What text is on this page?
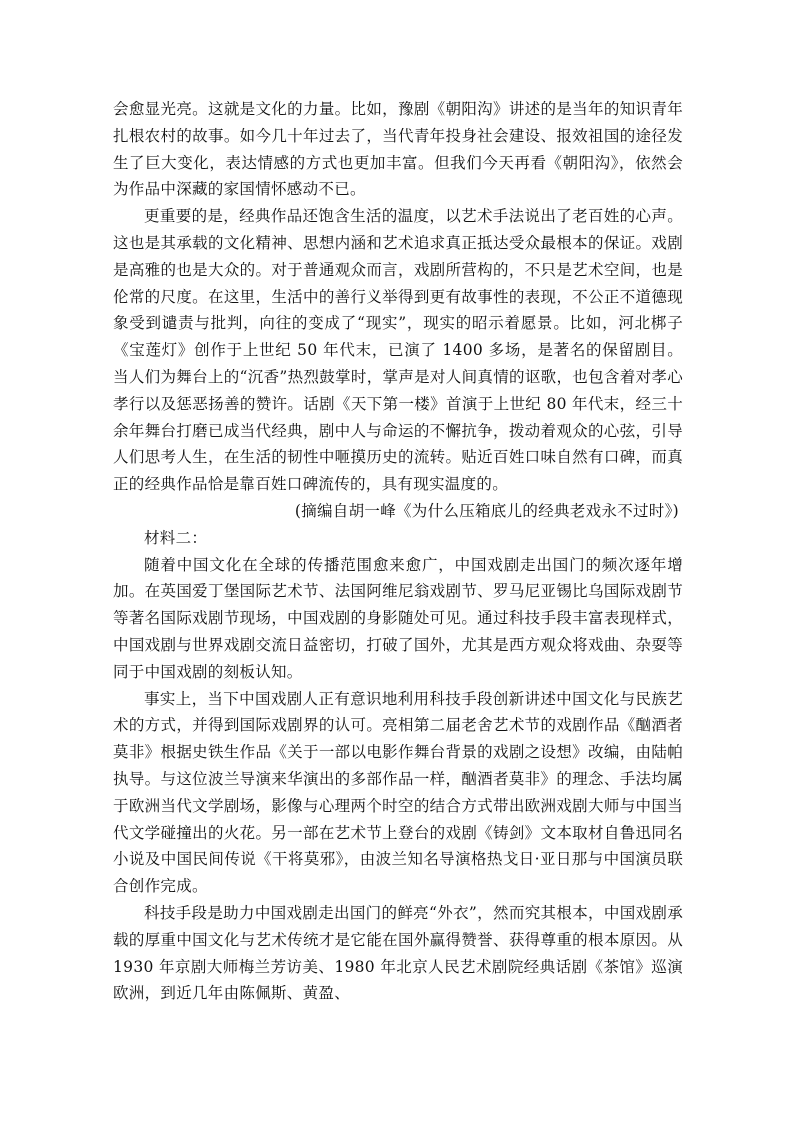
会愈显光亮。这就是文化的力量。比如，豫剧《朝阳沟》讲述的是当年的知识青年扎根农村的故事。如今几十年过去了，当代青年投身社会建设、报效祖国的途径发生了巨大变化，表达情感的方式也更加丰富。但我们今天再看《朝阳沟》，依然会为作品中深藏的家国情怀感动不已。

更重要的是，经典作品还饱含生活的温度，以艺术手法说出了老百姓的心声。这也是其承载的文化精神、思想内涵和艺术追求真正抵达受众最根本的保证。戏剧是高雅的也是大众的。对于普通观众而言，戏剧所营构的，不只是艺术空间，也是伦常的尺度。在这里，生活中的善行义举得到更有故事性的表现，不公正不道德现象受到谴责与批判，向往的变成了“现实”，现实的昭示着愿景。比如，河北梆子《宝莲灯》创作于上世纪 50 年代末，已演了 1400 多场，是著名的保留剧目。当人们为舞台上的“沉香”热烈鼓掌时，掌声是对人间真情的讴歌，也包含着对孝心孝行以及惩恶扬善的赞许。话剧《天下第一楼》首演于上世纪 80 年代末，经三十余年舞台打磨已成当代经典，剧中人与命运的不懈抗争，拨动着观众的心弦，引导人们思考人生，在生活的韧性中咂摸历史的流转。贴近百姓口味自然有口碑，而真正的经典作品恰是靠百姓口碑流传的，具有现实温度的。

(摘编自胡一峰《为什么压箱底儿的经典老戏永不过时》)

材料二：

随着中国文化在全球的传播范围愈来愈广，中国戏剧走出国门的频次逐年增加。在英国爱丁堡国际艺术节、法国阿维尼翁戏剧节、罗马尼亚锡比乌国际戏剧节等著名国际戏剧节现场，中国戏剧的身影随处可见。通过科技手段丰富表现样式，中国戏剧与世界戏剧交流日益密切，打破了国外，尤其是西方观众将戏曲、杂耍等同于中国戏剧的刻板认知。

事实上，当下中国戏剧人正有意识地利用科技手段创新讲述中国文化与民族艺术的方式，并得到国际戏剧界的认可。亮相第二届老舍艺术节的戏剧作品《酗酒者莫非》根据史铁生作品《关于一部以电影作舞台背景的戏剧之设想》改编，由陆帕执导。与这位波兰导演来华演出的多部作品一样，酗酒者莫非》的理念、手法均属于欧洲当代文学剧场，影像与心理两个时空的结合方式带出欧洲戏剧大师与中国当代文学碰撞出的火花。另一部在艺术节上登台的戏剧《铸剑》文本取材自鲁迅同名小说及中国民间传说《干将莫邪》，由波兰知名导演格热戈日·亚日那与中国演员联合创作完成。

科技手段是助力中国戏剧走出国门的鲜亮“外衣”，然而究其根本，中国戏剧承载的厚重中国文化与艺术传统才是它能在国外赢得赞誉、获得尊重的根本原因。从 1930 年京剧大师梅兰芳访美、1980 年北京人民艺术剧院经典话剧《茶馆》巡演欧洲，到近几年由陈佩斯、黄盈、
